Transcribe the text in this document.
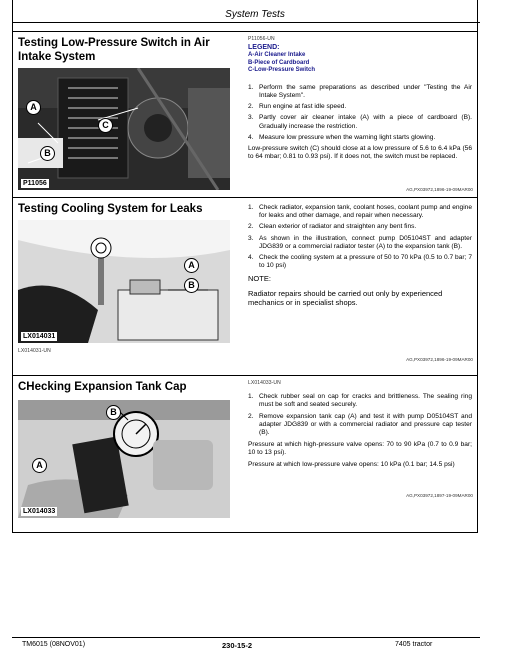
System Tests
Testing Low-Pressure Switch in Air Intake System
A
C
B
P11056
P11056-UN
LEGEND:
A-Air Cleaner Intake
B-Piece of Cardboard
C-Low-Pressure Switch
1. Perform the same preparations as described under "Testing the Air Intake System".
2. Run engine at fast idle speed.
3. Partly cover air cleaner intake (A) with a piece of cardboard (B). Gradually increase the restriction.
4. Measure low pressure when the warning light starts glowing.

Low-pressure switch (C) should close at a low pressure of 5.6 to 6.4 kPa (56 to 64 mbar; 0.81 to 0.93 psi). If it does not, the switch must be replaced.

AG,PX03972,1896-19-09MAR00
Testing Cooling System for Leaks
A
B
LX014031
LX014031-UN
1. Check radiator, expansion tank, coolant hoses, coolant pump and engine for leaks and other damage, and repair when necessary.
2. Clean exterior of radiator and straighten any bent fins.
3. As shown in the illustration, connect pump D05104ST and adapter JDG839 or a commercial radiator tester (A) to the expansion tank (B).
4. Check the cooling system at a pressure of 50 to 70 kPa (0.5 to 0.7 bar; 7 to 10 psi)
NOTE:
Radiator repairs should be carried out only by experienced mechanics or in specialist shops.
AG,PX03972,1896-19-09MAR00
CHecking Expansion Tank Cap
B
A
LX014033
LX014033-UN
1. Check rubber seal on cap for cracks and brittleness. The sealing ring must be soft and seated securely.
2. Remove expansion tank cap (A) and test it with pump D05104ST and adapter JDG839 or with a commercial radiator and pressure cap tester (B).

Pressure at which high-pressure valve opens: 70 to 90 kPa (0.7 to 0.9 bar; 10 to 13 psi).

Pressure at which low-pressure valve opens: 10 kPa (0.1 bar; 14.5 psi)

AG,PX03972,1897-19-09MAR00
TM6015 (08NOV01)	230-15-2	7405 tractor
